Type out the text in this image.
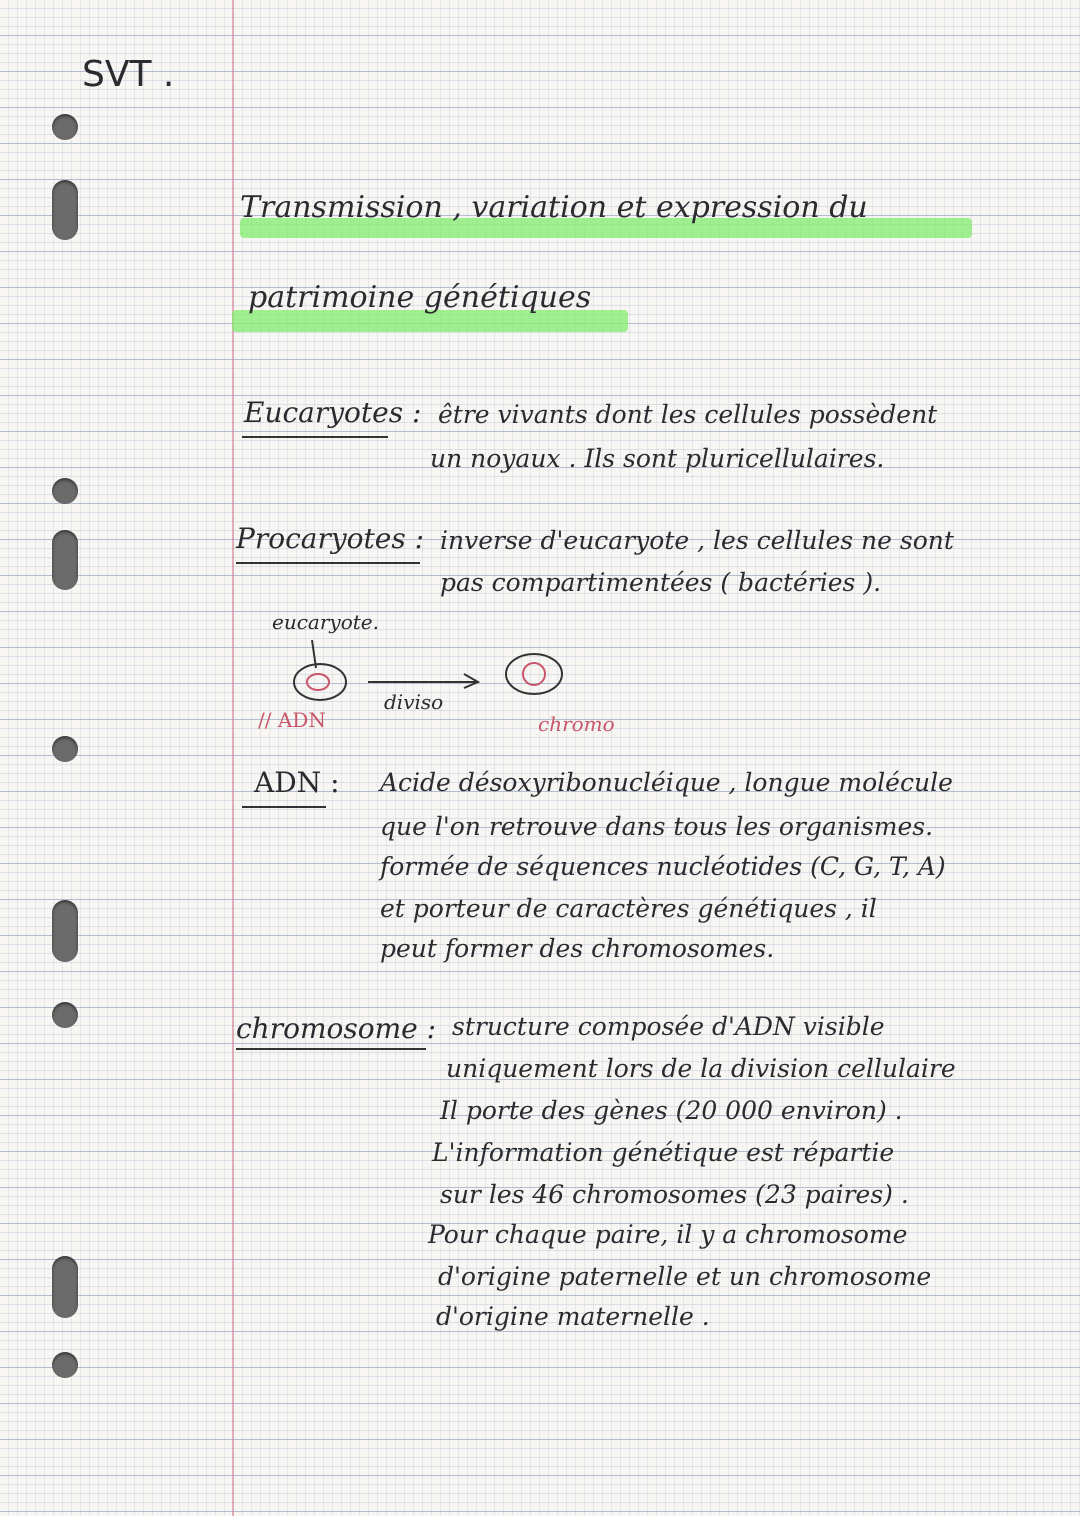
SVT .
Transmission , variation et expression du
patrimoine génétiques
Eucaryotes : être vivants dont les cellules possèdent
un noyaux . Ils sont pluricellulaires.
Procaryotes : inverse d'eucaryote , les cellules ne sont
pas compartimentées ( bactéries ).
eucaryote.
// ADN
diviso
chromo
ADN : Acide désoxyribonucléique , longue molécule
que l'on retrouve dans tous les organismes.
formée de séquences nucléotides (C, G, T, A)
et porteur de caractères génétiques , il
peut former des chromosomes.
chromosome : structure composée d'ADN visible
uniquement lors de la division cellulaire
Il porte des gènes (20 000 environ) .
L'information génétique est répartie
sur les 46 chromosomes (23 paires) .
Pour chaque paire, il y a chromosome
d'origine paternelle et un chromosome
d'origine maternelle .
